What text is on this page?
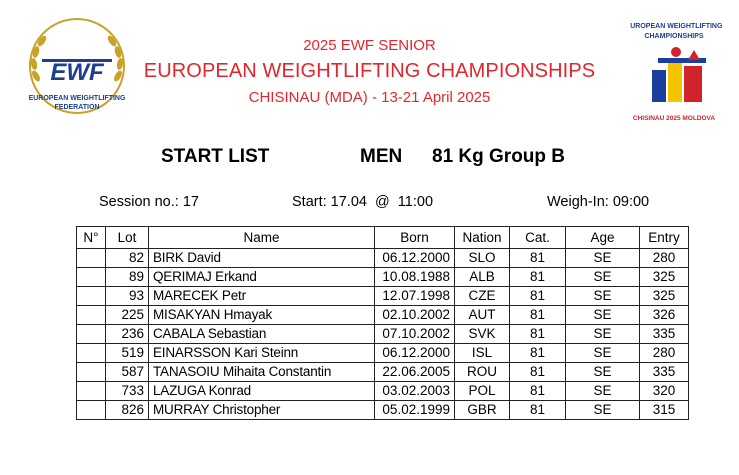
EWF
EUROPEAN WEIGHTLIFTING
FEDERATION
EUROPEAN WEIGHTLIFTING
CHAMPIONSHIPS
CHISINAU 2025 MOLDOVA
2025 EWF SENIOR
EUROPEAN WEIGHTLIFTING CHAMPIONSHIPS
CHISINAU (MDA) - 13-21 April 2025
START LIST	MEN 81 Kg Group B
Session no.: 17	Start: 17.04  @  11:00	Weigh-In: 09:00
N°	Lot	Name	Born	Nation	Cat.	Age	Entry
	82	BIRK David	06.12.2000	SLO	81	SE	280
	89	QERIMAJ Erkand	10.08.1988	ALB	81	SE	325
	93	MARECEK Petr	12.07.1998	CZE	81	SE	325
	225	MISAKYAN Hmayak	02.10.2002	AUT	81	SE	326
	236	CABALA Sebastian	07.10.2002	SVK	81	SE	335
	519	EINARSSON Kari Steinn	06.12.2000	ISL	81	SE	280
	587	TANASOIU Mihaita Constantin	22.06.2005	ROU	81	SE	335
	733	LAZUGA Konrad	03.02.2003	POL	81	SE	320
	826	MURRAY Christopher	05.02.1999	GBR	81	SE	315
